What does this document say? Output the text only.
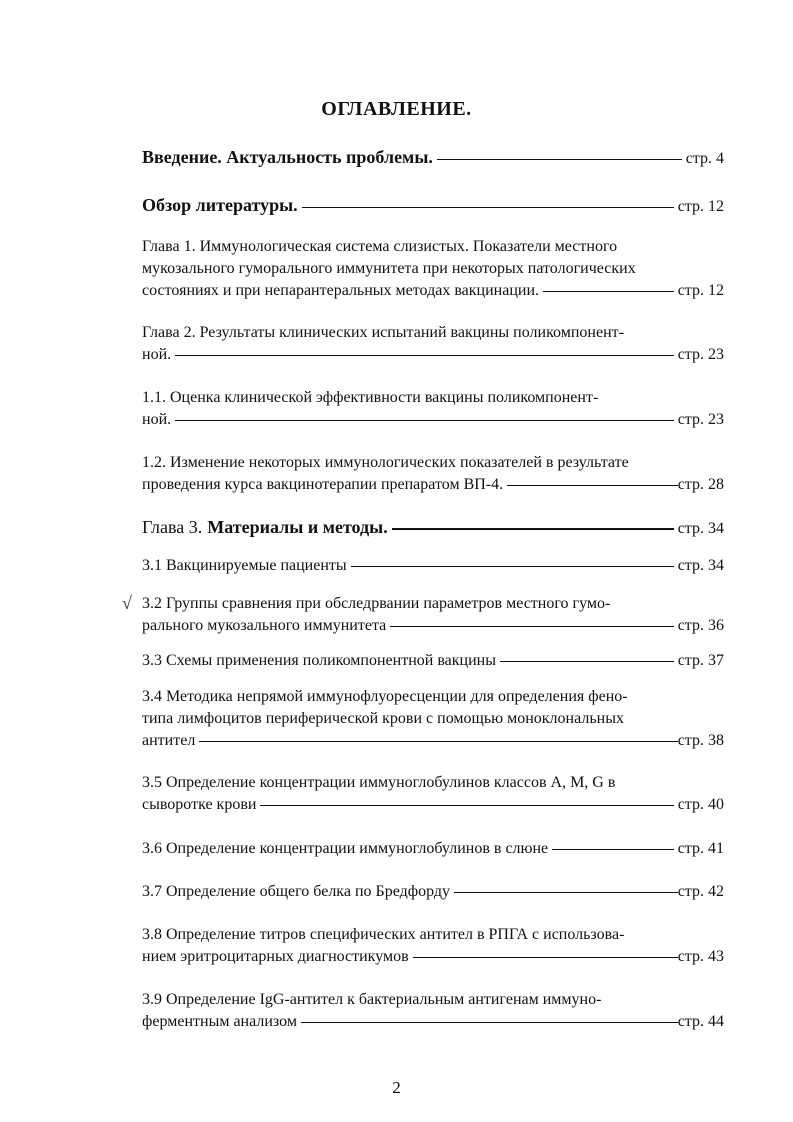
ОГЛАВЛЕНИЕ.
Введение. Актуальность проблемы.	стр. 4
Обзор литературы.	стр. 12
Глава 1. Иммунологическая система слизистых. Показатели местного
мукозального гуморального иммунитета при некоторых патологических
состояниях и при непарантеральных методах вакцинации.	стр. 12
Глава 2. Результаты клинических испытаний вакцины поликомпонент-
ной.	стр. 23
1.1. Оценка клинической эффективности вакцины поликомпонент-
ной.	стр. 23
1.2. Изменение некоторых иммунологических показателей в результате
проведения курса вакцинотерапии препаратом ВП-4.	стр. 28
Глава 3. Материалы и методы.	стр. 34
3.1 Вакцинируемые пациенты	стр. 34
√ 3.2 Группы сравнения при обследрвании параметров местного гумо-
рального мукозального иммунитета	стр. 36
3.3 Схемы применения поликомпонентной вакцины	стр. 37
3.4 Методика непрямой иммунофлуоресценции для определения фено-
типа лимфоцитов периферической крови с помощью моноклональных
антител	стр. 38
3.5 Определение концентрации иммуноглобулинов классов А, М, G в
сыворотке крови	стр. 40
3.6 Определение концентрации иммуноглобулинов в слюне	стр. 41
3.7 Определение общего белка по Бредфорду	стр. 42
3.8 Определение титров специфических антител в РПГА с использова-
нием эритроцитарных диагностикумов	стр. 43
3.9 Определение IgG-антител к бактериальным антигенам иммуно-
ферментным анализом	стр. 44
2
